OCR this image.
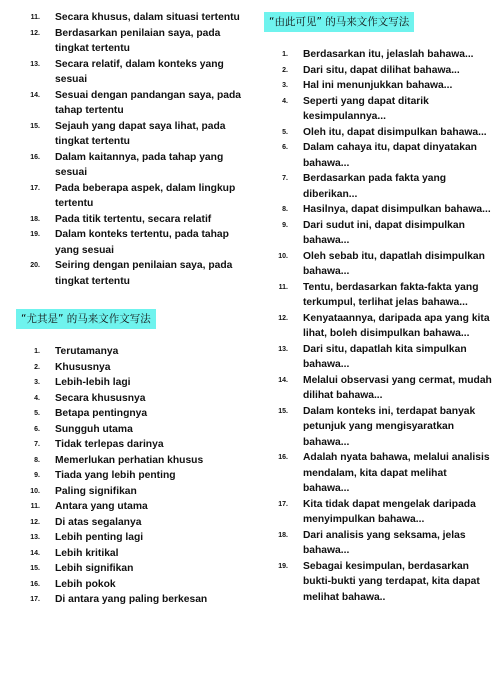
11.	Secara khusus, dalam situasi tertentu
12.	Berdasarkan penilaian saya, pada tingkat tertentu
13.	Secara relatif, dalam konteks yang sesuai
14.	Sesuai dengan pandangan saya, pada tahap tertentu
15.	Sejauh yang dapat saya lihat, pada tingkat tertentu
16.	Dalam kaitannya, pada tahap yang sesuai
17.	Pada beberapa aspek, dalam lingkup tertentu
18.	Pada titik tertentu, secara relatif
19.	Dalam konteks tertentu, pada tahap yang sesuai
20.	Seiring dengan penilaian saya, pada tingkat tertentu
“尤其是” 的马来文作文写法
1.	Terutamanya
2.	Khususnya
3.	Lebih-lebih lagi
4.	Secara khususnya
5.	Betapa pentingnya
6.	Sungguh utama
7.	Tidak terlepas darinya
8.	Memerlukan perhatian khusus
9.	Tiada yang lebih penting
10.	Paling signifikan
11.	Antara yang utama
12.	Di atas segalanya
13.	Lebih penting lagi
14.	Lebih kritikal
15.	Lebih signifikan
16.	Lebih pokok
17.	Di antara yang paling berkesan
“由此可见” 的马来文作文写法
1.	Berdasarkan itu, jelaslah bahawa...
2.	Dari situ, dapat dilihat bahawa...
3.	Hal ini menunjukkan bahawa...
4.	Seperti yang dapat ditarik kesimpulannya...
5.	Oleh itu, dapat disimpulkan bahawa...
6.	Dalam cahaya itu, dapat dinyatakan bahawa...
7.	Berdasarkan pada fakta yang diberikan...
8.	Hasilnya, dapat disimpulkan bahawa...
9.	Dari sudut ini, dapat disimpulkan bahawa...
10.	Oleh sebab itu, dapatlah disimpulkan bahawa...
11.	Tentu, berdasarkan fakta-fakta yang terkumpul, terlihat jelas bahawa...
12.	Kenyataannya, daripada apa yang kita lihat, boleh disimpulkan bahawa...
13.	Dari situ, dapatlah kita simpulkan bahawa...
14.	Melalui observasi yang cermat, mudah dilihat bahawa...
15.	Dalam konteks ini, terdapat banyak petunjuk yang mengisyaratkan bahawa...
16.	Adalah nyata bahawa, melalui analisis mendalam, kita dapat melihat bahawa...
17.	Kita tidak dapat mengelak daripada menyimpulkan bahawa...
18.	Dari analisis yang seksama, jelas bahawa...
19.	Sebagai kesimpulan, berdasarkan bukti-bukti yang terdapat, kita dapat melihat bahawa..
